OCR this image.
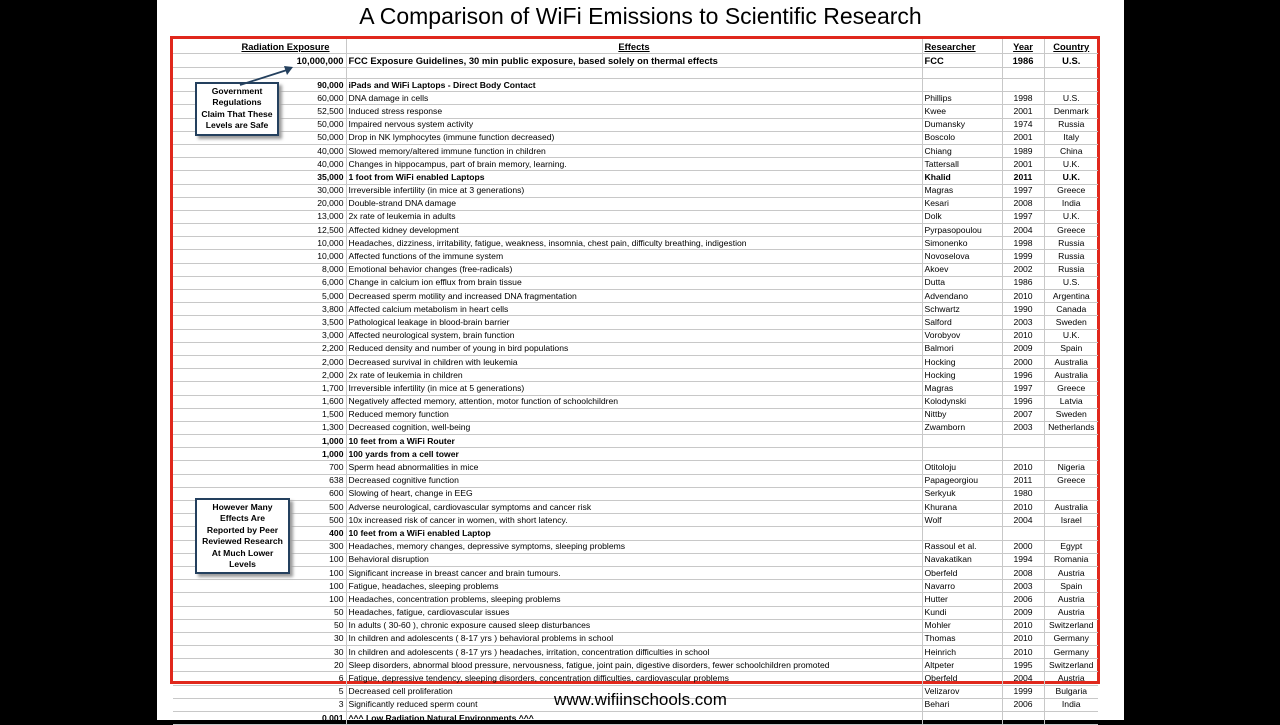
A Comparison of WiFi Emissions to Scientific Research
Radiation Exposure	Effects	Researcher	Year	Country
10,000,000	FCC Exposure Guidelines, 30 min public exposure, based solely on thermal effects	FCC	1986	U.S.

90,000	iPads and WiFi Laptops - Direct Body Contact			
60,000	DNA damage in cells	Phillips	1998	U.S.
52,500	Induced stress response	Kwee	2001	Denmark
50,000	Impaired nervous system activity	Dumansky	1974	Russia
50,000	Drop in NK lymphocytes (immune function decreased)	Boscolo	2001	Italy
40,000	Slowed memory/altered immune function in children	Chiang	1989	China
40,000	Changes in hippocampus, part of brain memory, learning.	Tattersall	2001	U.K.
35,000	1 foot from WiFi enabled Laptops	Khalid	2011	U.K.
30,000	Irreversible infertility (in mice at 3 generations)	Magras	1997	Greece
20,000	Double-strand DNA damage	Kesari	2008	India
13,000	2x rate of leukemia in adults	Dolk	1997	U.K.
12,500	Affected kidney development	Pyrpasopoulou	2004	Greece
10,000	Headaches, dizziness, irritability, fatigue, weakness, insomnia, chest pain, difficulty breathing, indigestion	Simonenko	1998	Russia
10,000	Affected functions of the immune system	Novoselova	1999	Russia
8,000	Emotional behavior changes (free-radicals)	Akoev	2002	Russia
6,000	Change in calcium ion efflux from brain tissue	Dutta	1986	U.S.
5,000	Decreased sperm motility and increased DNA fragmentation	Advendano	2010	Argentina
3,800	Affected calcium metabolism in heart cells	Schwartz	1990	Canada
3,500	Pathological leakage in blood-brain barrier	Salford	2003	Sweden
3,000	Affected neurological system, brain function	Vorobyov	2010	U.K.
2,200	Reduced density and number of young in bird populations	Balmori	2009	Spain
2,000	Decreased survival in children with leukemia	Hocking	2000	Australia
2,000	2x rate of leukemia in children	Hocking	1996	Australia
1,700	Irreversible infertility (in mice at 5 generations)	Magras	1997	Greece
1,600	Negatively affected memory, attention, motor function of schoolchildren	Kolodynski	1996	Latvia
1,500	Reduced memory function	Nittby	2007	Sweden
1,300	Decreased cognition, well-being	Zwamborn	2003	Netherlands
1,000	10 feet from a WiFi Router			
1,000	100 yards from a cell tower			
700	Sperm head abnormalities in mice	Otitoloju	2010	Nigeria
638	Decreased cognitive function	Papageorgiou	2011	Greece
600	Slowing of heart, change in EEG	Serkyuk	1980	
500	Adverse neurological, cardiovascular symptoms and cancer risk	Khurana	2010	Australia
500	10x increased risk of cancer in women, with short latency.	Wolf	2004	Israel
400	10 feet from a WiFi enabled Laptop			
300	Headaches, memory changes, depressive symptoms, sleeping problems	Rassoul et al.	2000	Egypt
100	Behavioral disruption	Navakatikan	1994	Romania
100	Significant increase in breast cancer and brain tumours.	Oberfeld	2008	Austria
100	Fatigue, headaches, sleeping problems	Navarro	2003	Spain
100	Headaches, concentration problems, sleeping problems	Hutter	2006	Austria
50	Headaches, fatigue, cardiovascular issues	Kundi	2009	Austria
50	In adults ( 30-60 ), chronic exposure caused sleep disturbances	Mohler	2010	Switzerland
30	In children and adolescents ( 8-17 yrs ) behavioral problems in school	Thomas	2010	Germany
30	In children and adolescents ( 8-17 yrs ) headaches, irritation, concentration difficulties in school	Heinrich	2010	Germany
20	Sleep disorders, abnormal blood pressure, nervousness, fatigue, joint pain, digestive disorders, fewer schoolchildren promoted	Altpeter	1995	Switzerland
6	Fatigue, depressive tendency, sleeping disorders, concentration difficulties, cardiovascular problems	Oberfeld	2004	Austria
5	Decreased cell proliferation	Velizarov	1999	Bulgaria
3	Significantly reduced sperm count	Behari	2006	India
0.001	^^^ Low Radiation Natural Environments ^^^			
Government Regulations Claim That These Levels are Safe
However Many Effects Are Reported by Peer Reviewed Research At Much Lower Levels
www.wifiinschools.com
